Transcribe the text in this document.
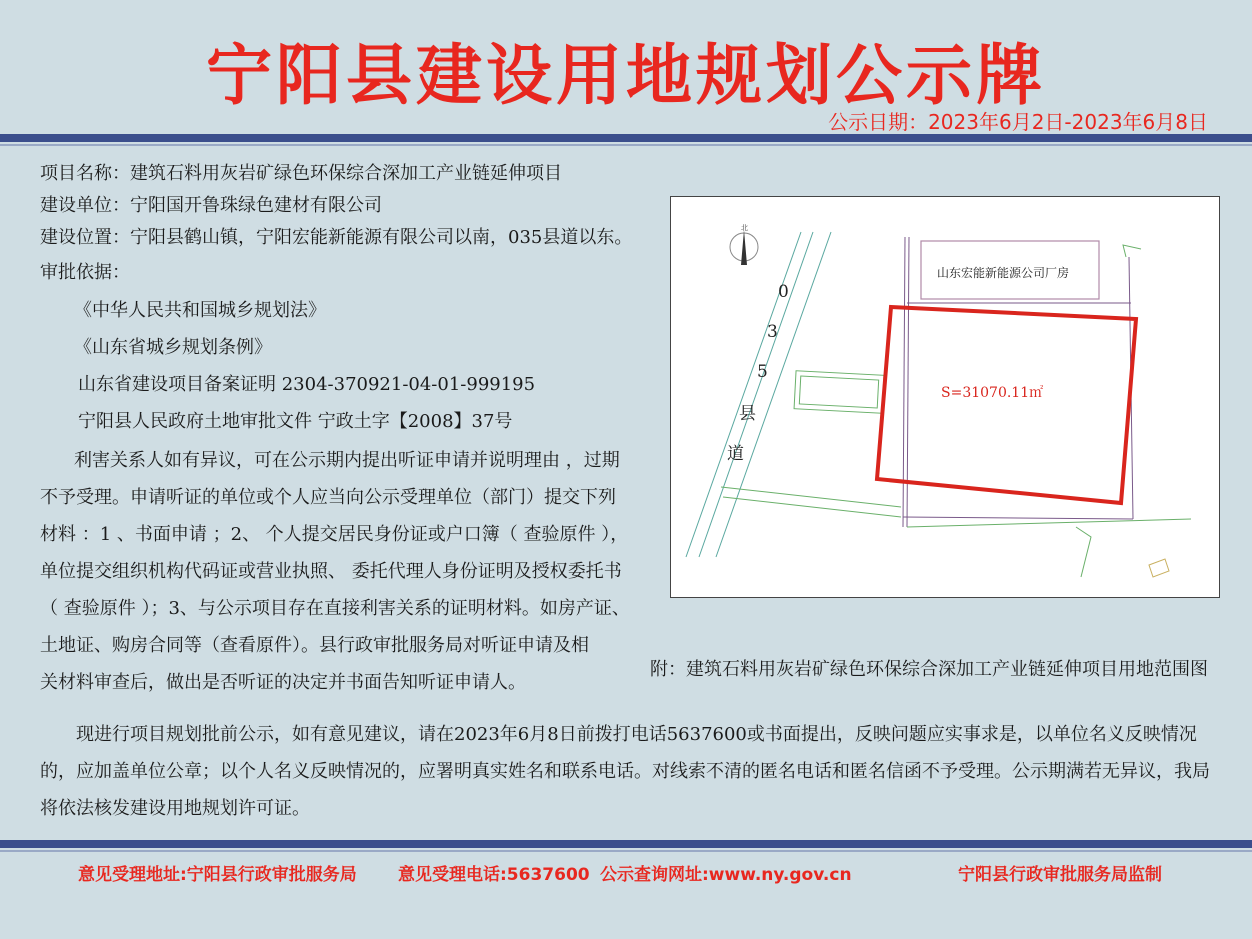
宁阳县建设用地规划公示牌
公示日期：2023年6月2日-2023年6月8日
项目名称：建筑石料用灰岩矿绿色环保综合深加工产业链延伸项目
建设单位：宁阳国开鲁珠绿色建材有限公司
建设位置：宁阳县鹤山镇，宁阳宏能新能源有限公司以南，035县道以东。
审批依据：
《中华人民共和国城乡规划法》
《山东省城乡规划条例》
山东省建设项目备案证明 2304-370921-04-01-999195
宁阳县人民政府土地审批文件 宁政土字【2008】37号
利害关系人如有异议，可在公示期内提出听证申请并说明理由 ，过期
不予受理。申请听证的单位或个人应当向公示受理单位（部门）提交下列
材料 ：1 、书面申请 ；2、 个人提交居民身份证或户口簿（ 查验原件 ），
单位提交组织机构代码证或营业执照、 委托代理人身份证明及授权委托书
（ 查验原件 ）；3、与公示项目存在直接利害关系的证明材料。如房产证、
土地证、购房合同等（查看原件）。县行政审批服务局对听证申请及相
关材料审查后，做出是否听证的决定并书面告知听证申请人。
北
0
3
5
县
道
山东宏能新能源公司厂房
S=31070.11㎡
附：建筑石料用灰岩矿绿色环保综合深加工产业链延伸项目用地范围图
现进行项目规划批前公示，如有意见建议，请在2023年6月8日前拨打电话5637600或书面提出，反映问题应实事求是，以单位名义反映情况的，应加盖单位公章；以个人名义反映情况的，应署明真实姓名和联系电话。对线索不清的匿名电话和匿名信函不予受理。公示期满若无异议，我局将依法核发建设用地规划许可证。
意见受理地址:宁阳县行政审批服务局 意见受理电话:5637600 公示查询网址:www.ny.gov.cn	宁阳县行政审批服务局监制
